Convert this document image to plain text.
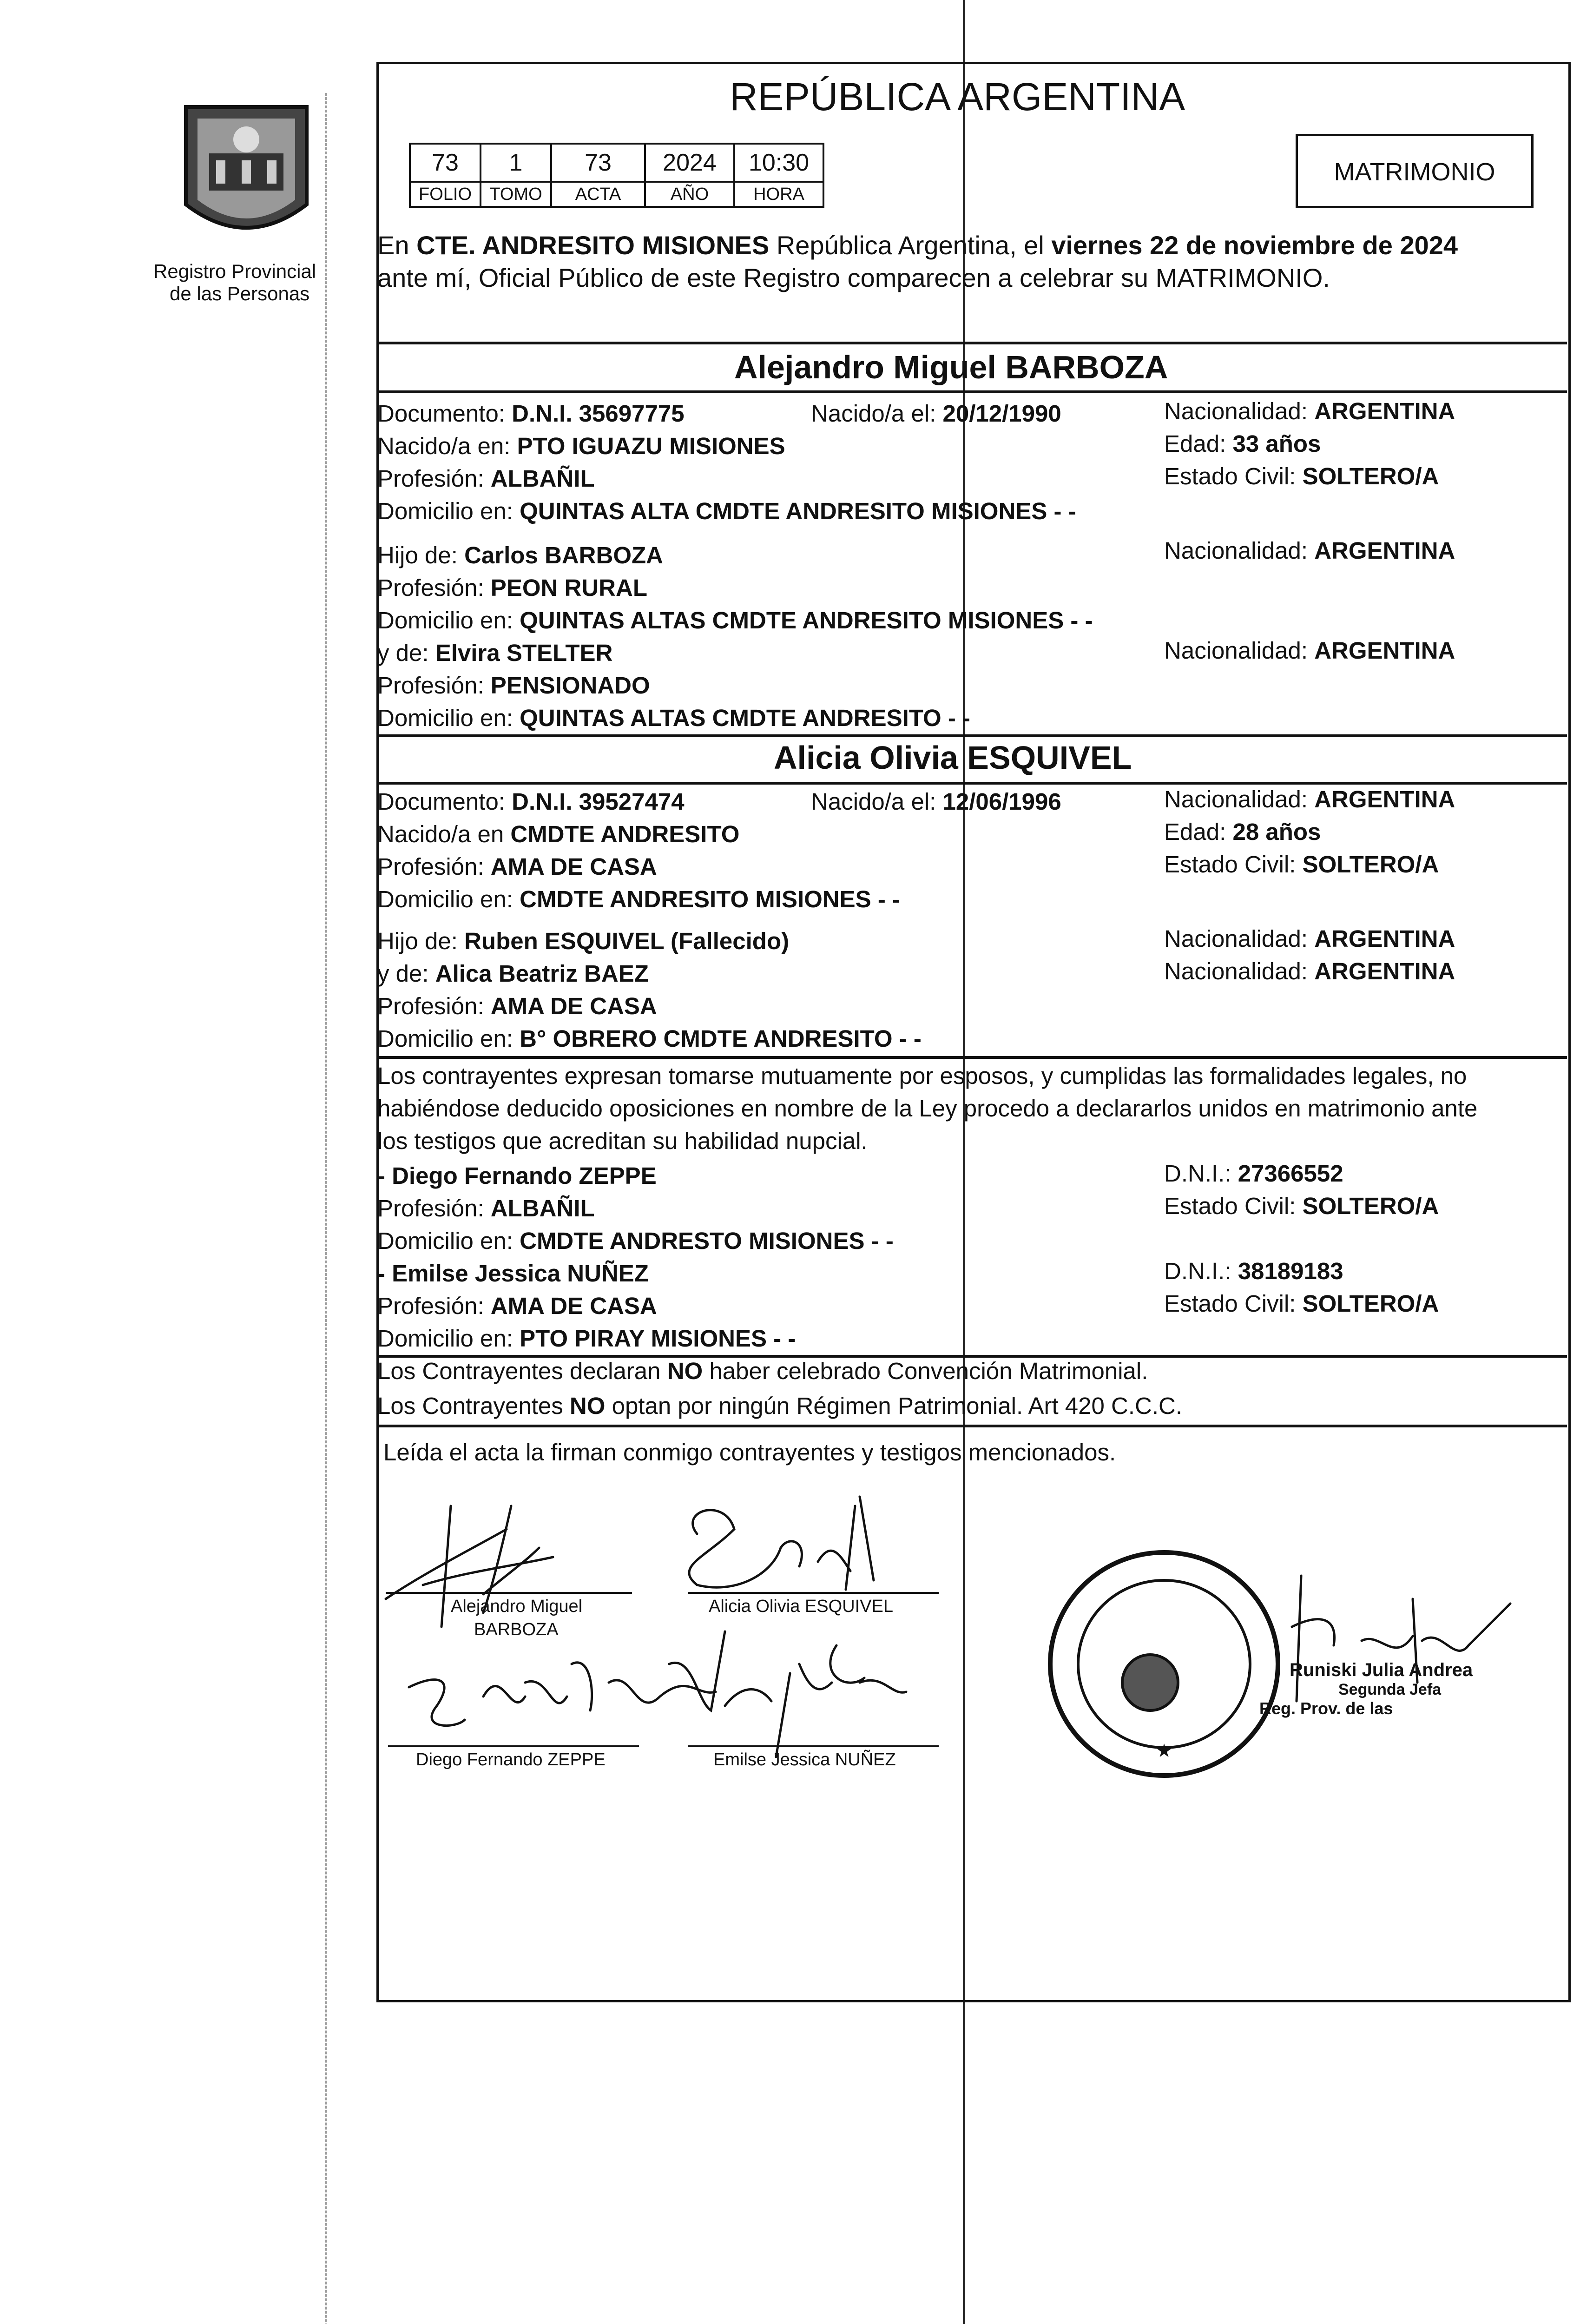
Registro Provincial
de las Personas
REPÚBLICA ARGENTINA
73	1	73	2024	10:30
FOLIO	TOMO	ACTA	AÑO	HORA
MATRIMONIO
En CTE. ANDRESITO MISIONES República Argentina, el viernes 22 de noviembre de 2024
ante mí, Oficial Público de este Registro comparecen a celebrar su MATRIMONIO.
Alejandro Miguel BARBOZA
Documento: D.N.I. 35697775	Nacido/a el: 20/12/1990	Nacionalidad: ARGENTINA
Nacido/a en: PTO IGUAZU MISIONES	Edad: 33 años
Profesión: ALBAÑIL	Estado Civil: SOLTERO/A
Domicilio en: QUINTAS ALTA CMDTE ANDRESITO MISIONES - -
Hijo de: Carlos BARBOZA	Nacionalidad: ARGENTINA
Profesión: PEON RURAL
Domicilio en: QUINTAS ALTAS CMDTE ANDRESITO MISIONES - -
y de: Elvira STELTER	Nacionalidad: ARGENTINA
Profesión: PENSIONADO
Domicilio en: QUINTAS ALTAS CMDTE ANDRESITO - -
Alicia Olivia ESQUIVEL
Documento: D.N.I. 39527474	Nacido/a el: 12/06/1996	Nacionalidad: ARGENTINA
Nacido/a en CMDTE ANDRESITO	Edad: 28 años
Profesión: AMA DE CASA	Estado Civil: SOLTERO/A
Domicilio en: CMDTE ANDRESITO MISIONES - -
Hijo de: Ruben ESQUIVEL (Fallecido)	Nacionalidad: ARGENTINA
y de: Alica Beatriz BAEZ	Nacionalidad: ARGENTINA
Profesión: AMA DE CASA
Domicilio en: B° OBRERO CMDTE ANDRESITO - -
Los contrayentes expresan tomarse mutuamente por esposos, y cumplidas las formalidades legales, no
habiéndose deducido oposiciones en nombre de la Ley procedo a declararlos unidos en matrimonio ante
los testigos que acreditan su habilidad nupcial.
- Diego Fernando ZEPPE	D.N.I.: 27366552
Profesión: ALBAÑIL	Estado Civil: SOLTERO/A
Domicilio en: CMDTE ANDRESTO MISIONES - -
- Emilse Jessica NUÑEZ	D.N.I.: 38189183
Profesión: AMA DE CASA	Estado Civil: SOLTERO/A
Domicilio en: PTO PIRAY MISIONES - -
Los Contrayentes declaran NO haber celebrado Convención Matrimonial.
Los Contrayentes NO optan por ningún Régimen Patrimonial. Art 420 C.C.C.
Leída el acta la firman conmigo contrayentes y testigos mencionados.
Alejandro Miguel
BARBOZA
Alicia Olivia ESQUIVEL
Diego Fernando ZEPPE	Emilse Jessica NUÑEZ	★
Runiski Julia Andrea
Segunda Jefa
Reg. Prov. de las
